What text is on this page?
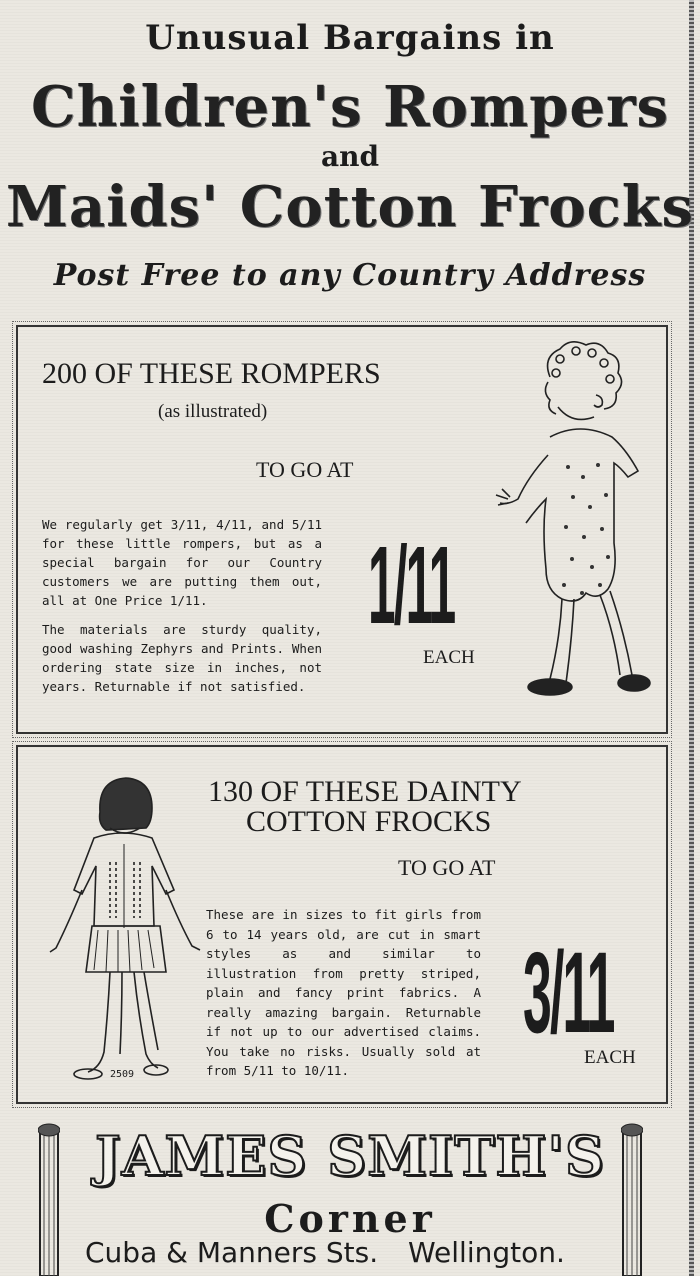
Unusual Bargains in
Children's Rompers
and
Maids' Cotton Frocks
Post Free to any Country Address
200 OF THESE ROMPERS
(as illustrated)
TO GO AT

We regularly get 3/11, 4/11, and 5/11 for these little rompers, but as a special bargain for our Country customers we are putting them out, all at One Price 1/11.

The materials are sturdy quality, good washing Zephyrs and Prints. When ordering state size in inches, not years. Returnable if not satisfied.

1/11
EACH
130 OF THESE DAINTY
COTTON FROCKS
TO GO AT

These are in sizes to fit girls from 6 to 14 years old, are cut in smart styles as and similar to illustration from pretty striped, plain and fancy print fabrics. A really amazing bargain. Returnable if not up to our advertised claims. You take no risks. Usually sold at from 5/11 to 10/11.

3/11
EACH
2509
JAMES SMITH'S
Corner
Cuba & Manners Sts. Wellington.
